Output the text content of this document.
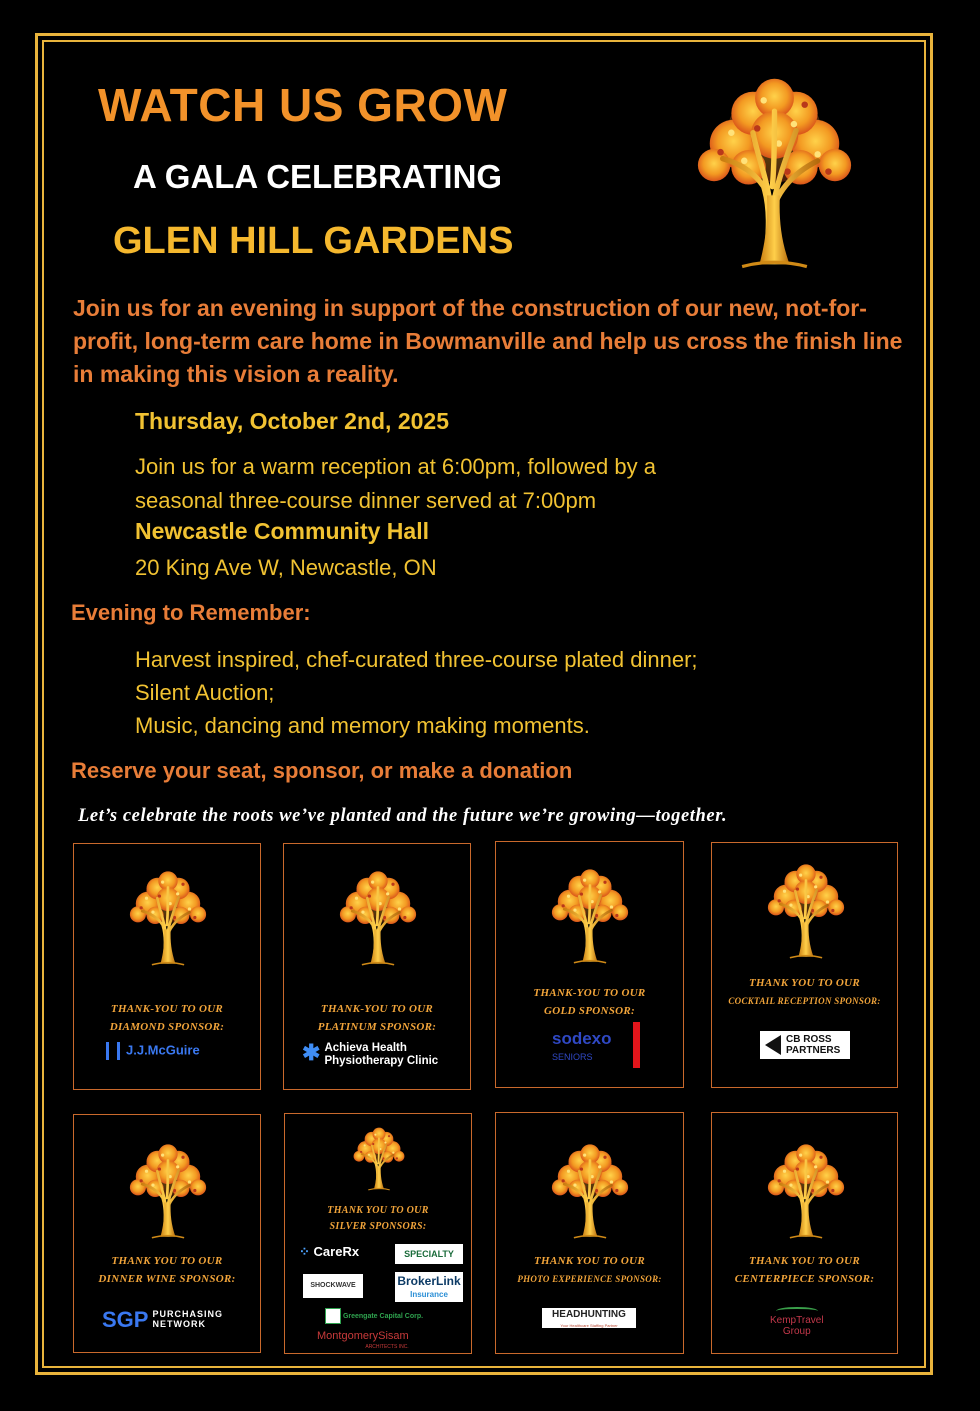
WATCH US GROW
A GALA CELEBRATING
GLEN HILL GARDENS
Join us for an evening in support of the construction of our new, not-for-profit, long-term care home in Bowmanville and help us cross the finish line in making this vision a reality.
Thursday, October 2nd, 2025
Join us for a warm reception at 6:00pm, followed by a
seasonal three-course dinner served at 7:00pm
Newcastle Community Hall
20 King Ave W, Newcastle, ON
Evening to Remember:
Harvest inspired, chef-curated three-course plated dinner;
Silent Auction;
Music, dancing and memory making moments.
Reserve your seat, sponsor, or make a donation
Let’s celebrate the roots we’ve planted and the future we’re growing—together.
THANK-YOU TO OUR
DIAMOND SPONSOR:
J.J.McGuire
THANK-YOU TO OUR
PLATINUM SPONSOR:
✱ Achieva Health
Physiotherapy Clinic
THANK-YOU TO OUR
GOLD SPONSOR:
sodexo
SENIORS
THANK YOU TO OUR
COCKTAIL RECEPTION SPONSOR:
CB ROSS
PARTNERS
THANK YOU TO OUR
DINNER WINE SPONSOR:
SGP PURCHASING
NETWORK
THANK YOU TO OUR
SILVER SPONSORS:
⁘ CareRx	SPECIALTY
SHOCKWAVE	BrokerLink
Insurance
Greengate Capital Corp.
MontgomerySisam
ARCHITECTS INC.
THANK YOU TO OUR
PHOTO EXPERIENCE SPONSOR:
HEADHUNTING
Your Healthcare Staffing Partner
THANK YOU TO OUR
CENTERPIECE SPONSOR:
KempTravel
Group
